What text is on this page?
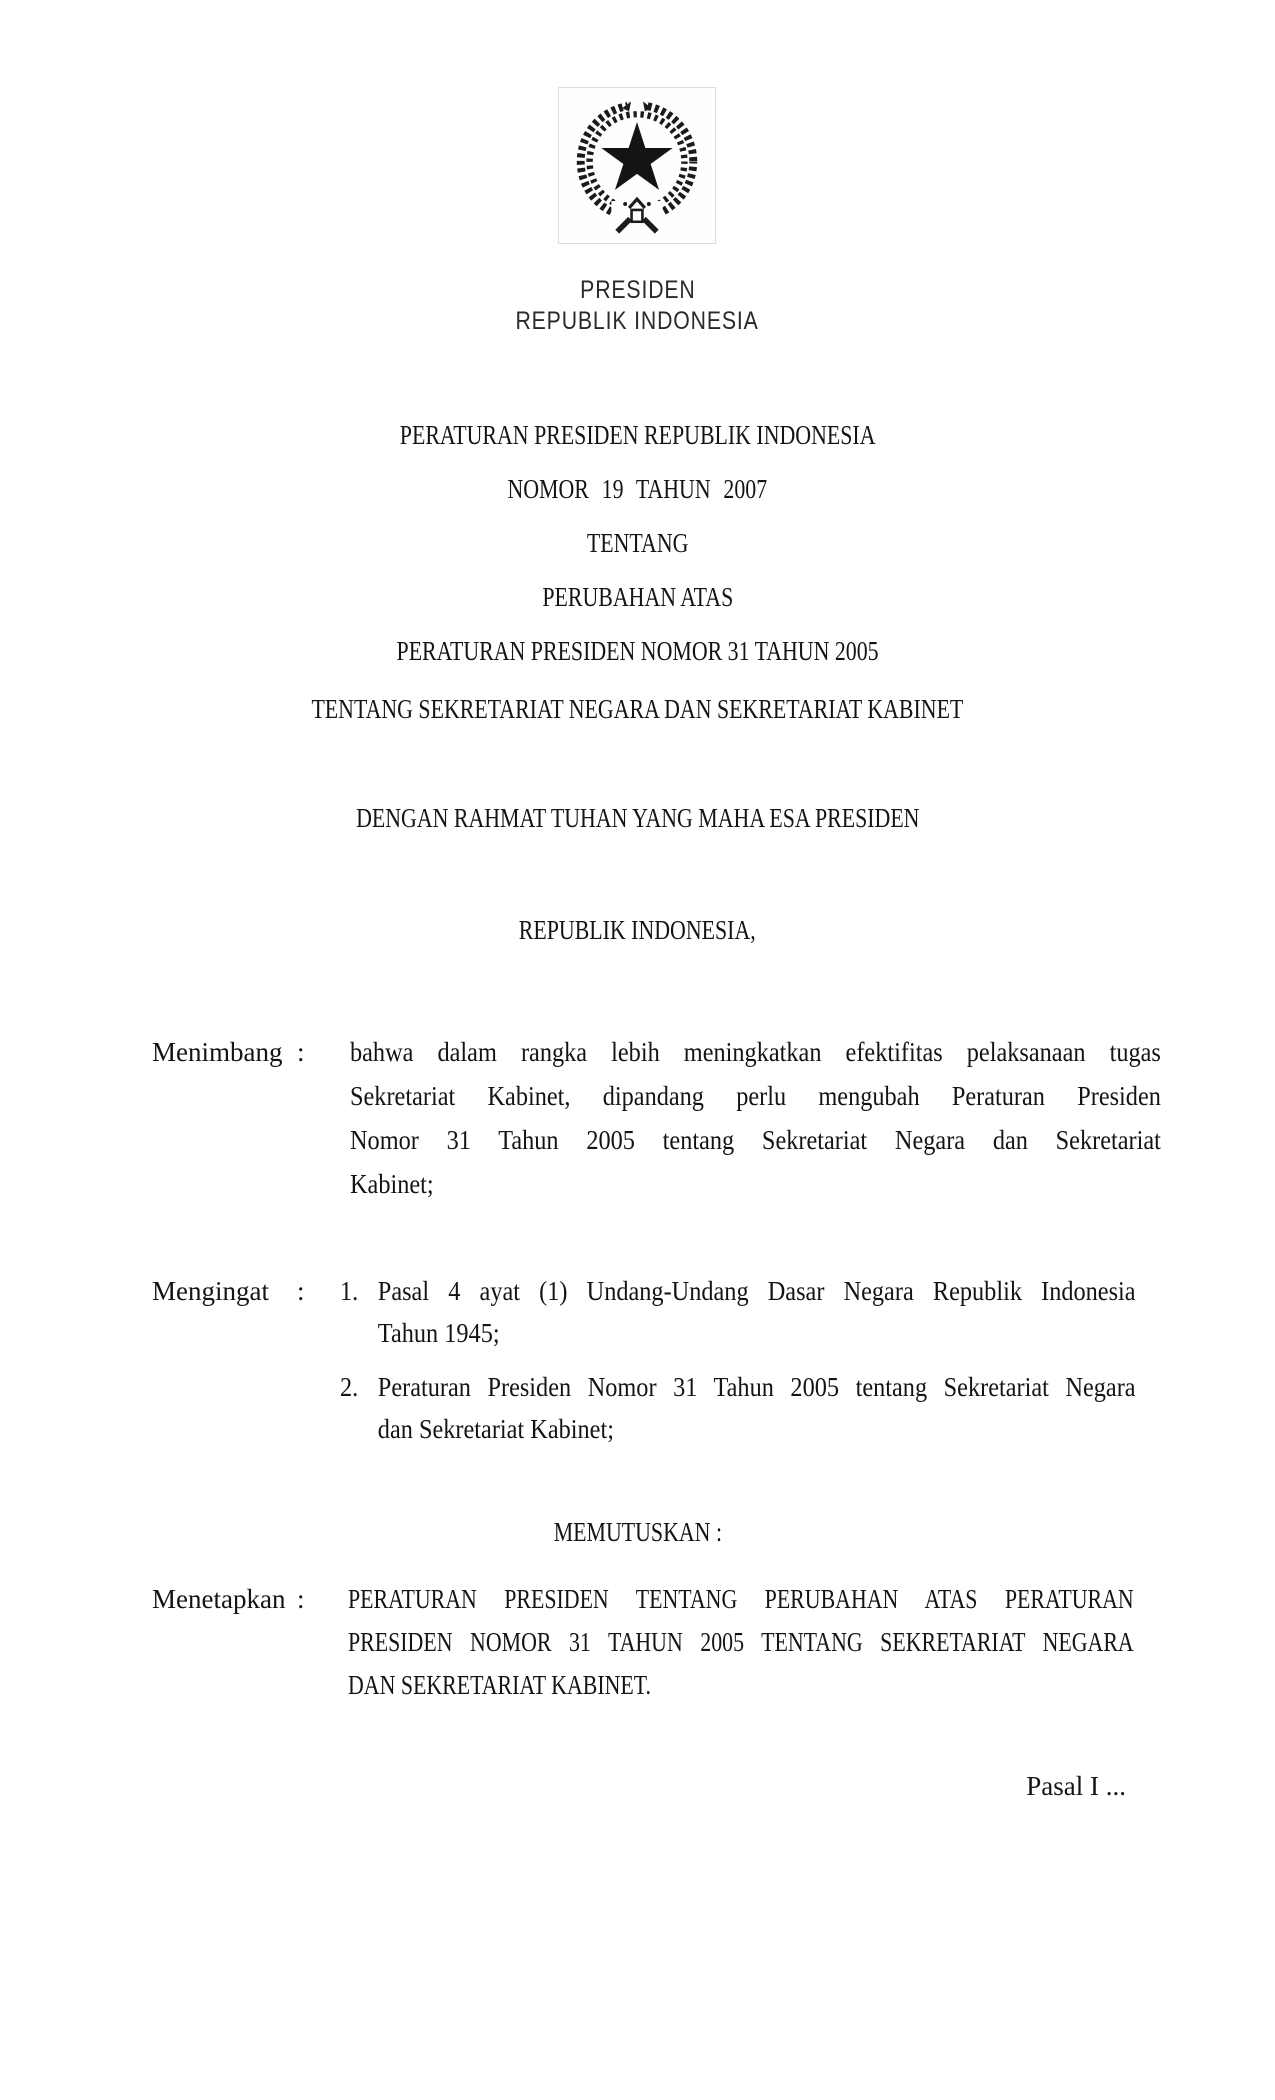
PRESIDEN
REPUBLIK INDONESIA
PERATURAN PRESIDEN REPUBLIK INDONESIA
NOMOR 19 TAHUN 2007
TENTANG
PERUBAHAN ATAS
PERATURAN PRESIDEN NOMOR 31 TAHUN 2005
TENTANG SEKRETARIAT NEGARA DAN SEKRETARIAT KABINET
DENGAN RAHMAT TUHAN YANG MAHA ESA PRESIDEN
REPUBLIK INDONESIA,
Menimbang : bahwa dalam rangka lebih meningkatkan efektifitas pelaksanaan tugas
Sekretariat Kabinet, dipandang perlu mengubah Peraturan Presiden
Nomor 31 Tahun 2005 tentang Sekretariat Negara dan Sekretariat
Kabinet;
Mengingat : 1. Pasal 4 ayat (1) Undang-Undang Dasar Negara Republik Indonesia
Tahun 1945;
2. Peraturan Presiden Nomor 31 Tahun 2005 tentang Sekretariat Negara
dan Sekretariat Kabinet;
MEMUTUSKAN :
Menetapkan : PERATURAN PRESIDEN TENTANG PERUBAHAN ATAS PERATURAN
PRESIDEN NOMOR 31 TAHUN 2005 TENTANG SEKRETARIAT NEGARA
DAN SEKRETARIAT KABINET.
Pasal I ...
